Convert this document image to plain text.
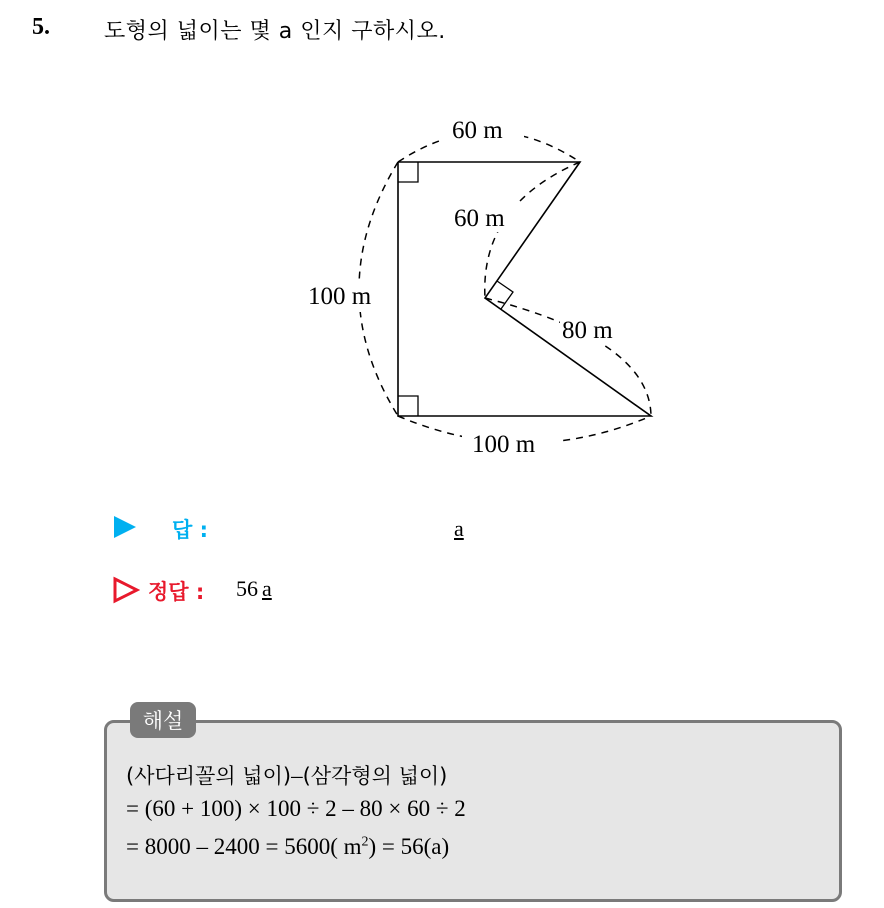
5. 도형의 넓이는 몇 a 인지 구하시오.
60 m
60 m
100 m
80 m
100 m
답 :	a
정답 : 56 a
해설
(사다리꼴의 넓이)–(삼각형의 넓이)
= (60 + 100) × 100 ÷ 2 – 80 × 60 ÷ 2
= 8000 – 2400 = 5600( $m^2) = 56(a)$
